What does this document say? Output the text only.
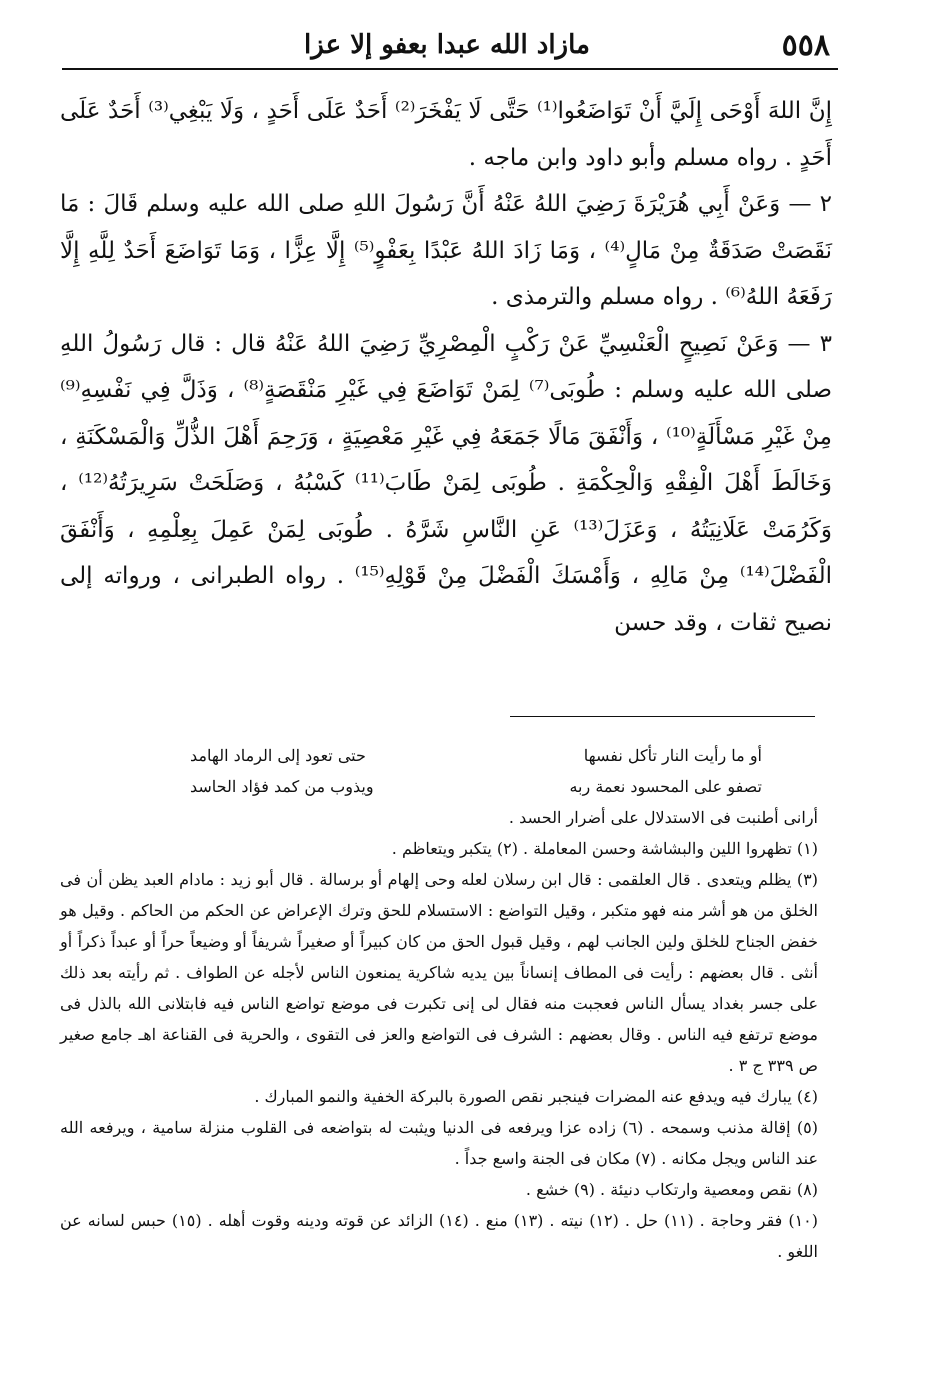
٥٥٨
مازاد الله عبدا بعفو إلا عزا

إِنَّ اللهَ أَوْحَى إِلَيَّ أَنْ تَوَاضَعُوا⁽¹⁾ حَتَّى لَا يَفْخَرَ⁽²⁾ أَحَدٌ عَلَى أَحَدٍ ، وَلَا يَبْغِي⁽³⁾ أَحَدٌ عَلَى أَحَدٍ . رواه مسلم وأبو داود وابن ماجه .

٢ — وَعَنْ أَبِي هُرَيْرَةَ رَضِيَ اللهُ عَنْهُ أَنَّ رَسُولَ اللهِ صلى الله عليه وسلم قَالَ : مَا نَقَصَتْ صَدَقَةٌ مِنْ مَالٍ⁽⁴⁾ ، وَمَا زَادَ اللهُ عَبْدًا بِعَفْوٍ⁽⁵⁾ إِلَّا عِزًّا ، وَمَا تَوَاضَعَ أَحَدٌ لِلَّهِ إِلَّا رَفَعَهُ اللهُ⁽⁶⁾ . رواه مسلم والترمذى .

٣ — وَعَنْ نَصِيحٍ الْعَنْسِيِّ عَنْ رَكْبٍ الْمِصْرِيِّ رَضِيَ اللهُ عَنْهُ قال : قال رَسُولُ اللهِ صلى الله عليه وسلم : طُوبَى⁽⁷⁾ لِمَنْ تَوَاضَعَ فِي غَيْرِ مَنْقَصَةٍ⁽⁸⁾ ، وَذَلَّ فِي نَفْسِهِ⁽⁹⁾ مِنْ غَيْرِ مَسْأَلَةٍ⁽¹⁰⁾ ، وَأَنْفَقَ مَالًا جَمَعَهُ فِي غَيْرِ مَعْصِيَةٍ ، وَرَحِمَ أَهْلَ الذُّلِّ وَالْمَسْكَنَةِ ، وَخَالَطَ أَهْلَ الْفِقْهِ وَالْحِكْمَةِ . طُوبَى لِمَنْ طَابَ⁽¹¹⁾ كَسْبُهُ ، وَصَلَحَتْ سَرِيرَتُهُ⁽¹²⁾ ، وَكَرُمَتْ عَلَانِيَتُهُ ، وَعَزَلَ⁽¹³⁾ عَنِ النَّاسِ شَرَّهُ . طُوبَى لِمَنْ عَمِلَ بِعِلْمِهِ ، وَأَنْفَقَ الْفَضْلَ⁽¹⁴⁾ مِنْ مَالِهِ ، وَأَمْسَكَ الْفَضْلَ مِنْ قَوْلِهِ⁽¹⁵⁾ . رواه الطبرانى ، ورواته إلى نصيح ثقات ، وقد حسن

أو ما رأيت النار تأكل نفسها
حتى تعود إلى الرماد الهامد
تصفو على المحسود نعمة ربه
ويذوب من كمد فؤاد الحاسد

أرانى أطنبت فى الاستدلال على أضرار الحسد .

(١) تظهروا اللين والبشاشة وحسن المعاملة . (٢) يتكبر ويتعاظم .

(٣) يظلم ويتعدى . قال العلقمى : قال ابن رسلان لعله وحى إلهام أو برسالة . قال أبو زيد : مادام العبد يظن أن فى الخلق من هو أشر منه فهو متكبر ، وقيل التواضع : الاستسلام للحق وترك الإعراض عن الحكم من الحاكم . وقيل هو خفض الجناح للخلق ولين الجانب لهم ، وقيل قبول الحق من كان كبيراً أو صغيراً شريفاً أو وضيعاً حراً أو عبداً ذكراً أو أنثى . قال بعضهم : رأيت فى المطاف إنساناً بين يديه شاكرية يمنعون الناس لأجله عن الطواف . ثم رأيته بعد ذلك على جسر بغداد يسأل الناس فعجبت منه فقال لى إنى تكبرت فى موضع تواضع الناس فيه فابتلانى الله بالذل فى موضع ترتفع فيه الناس . وقال بعضهم : الشرف فى التواضع والعز فى التقوى ، والحرية فى القناعة اهـ جامع صغير ص ٣٣٩ ج ٣ .

(٤) يبارك فيه ويدفع عنه المضرات فينجبر نقص الصورة بالبركة الخفية والنمو المبارك .

(٥) إقالة مذنب وسمحه . (٦) زاده عزا ويرفعه فى الدنيا ويثبت له بتواضعه فى القلوب منزلة سامية ، ويرفعه الله عند الناس ويجل مكانه . (٧) مكان فى الجنة واسع جداً .

(٨) نقص ومعصية وارتكاب دنيئة . (٩) خشع .

(١٠) فقر وحاجة . (١١) حل . (١٢) نيته . (١٣) منع . (١٤) الزائد عن قوته ودينه وقوت أهله . (١٥) حبس لسانه عن اللغو .
